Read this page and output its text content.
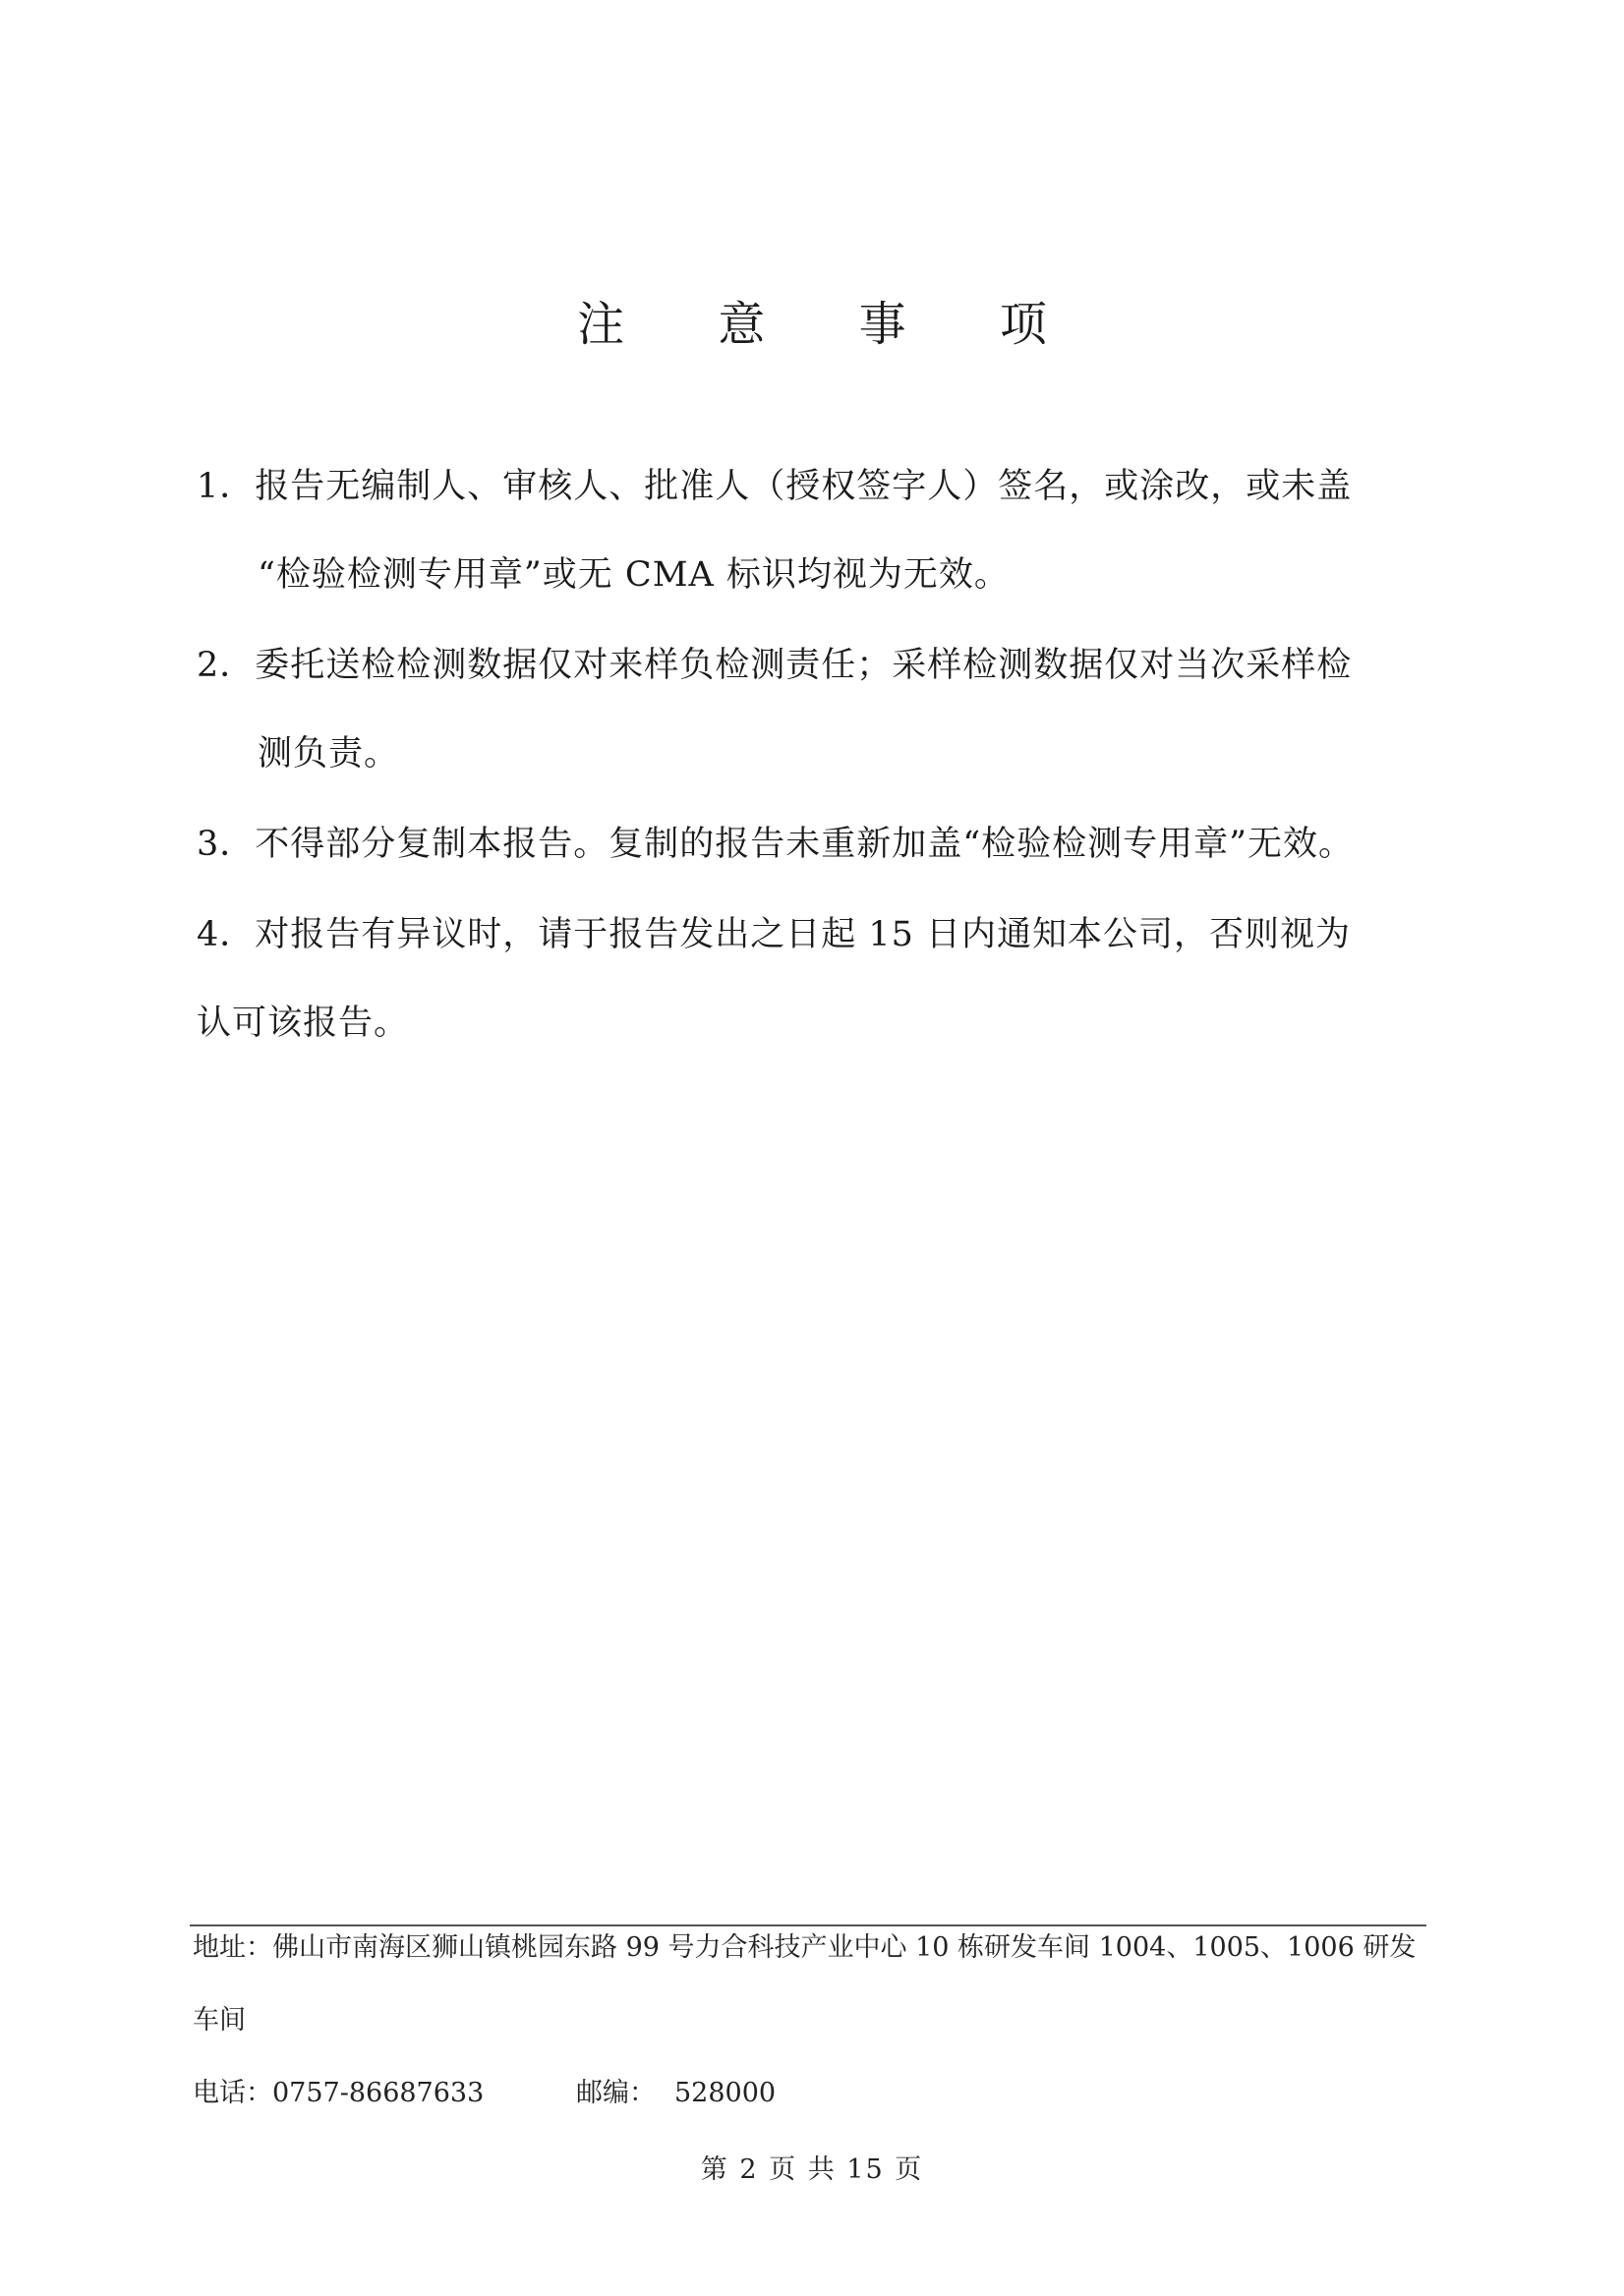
注 意 事 项
1．报告无编制人、审核人、批准人（授权签字人）签名，或涂改，或未盖
“检验检测专用章”或无 CMA 标识均视为无效。
2．委托送检检测数据仅对来样负检测责任；采样检测数据仅对当次采样检
测负责。
3．不得部分复制本报告。复制的报告未重新加盖“检验检测专用章”无效。
4．对报告有异议时，请于报告发出之日起 15 日内通知本公司，否则视为
认可该报告。
地址：佛山市南海区狮山镇桃园东路 99 号力合科技产业中心 10 栋研发车间 1004、1005、1006 研发
车间
电话：0757-86687633	邮编： 528000
第 2 页 共 15 页
